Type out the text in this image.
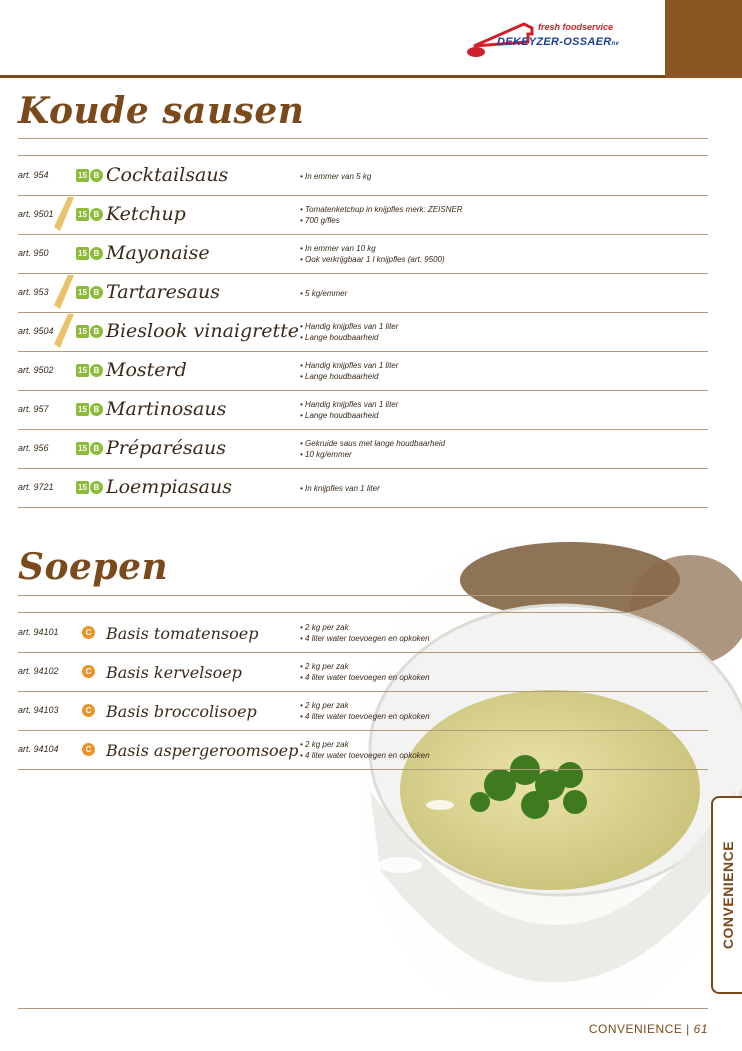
fresh foodservice
DEKEYZER-OSSAERnv
Koude sausen
art. 954	15 B Cocktailsaus	• In emmer van 5 kg
art. 9501	15 B Ketchup	• Tomatenketchup in knijpfles merk: ZEISNER
• 700 g/fles
art. 950	15 B Mayonaise	• In emmer van 10 kg
• Ook verkrijgbaar 1 l knijpfles (art. 9500)
art. 953	15 B Tartaresaus	• 5 kg/emmer
art. 9504	15 B Bieslook vinaigrette • Handig knijpfles van 1 liter
• Lange houdbaarheid
art. 9502	15 B Mosterd	• Handig knijpfles van 1 liter
• Lange houdbaarheid
art. 957	15 B Martinosaus	• Handig knijpfles van 1 liter
• Lange houdbaarheid
art. 956	15 B Préparésaus	• Gekruide saus met lange houdbaarheid
• 10 kg/emmer
art. 9721	15 B Loempiasaus	• In knijpfles van 1 liter
Soepen
art. 94101	C Basis tomatensoep	• 2 kg per zak
• 4 liter water toevoegen en opkoken
art. 94102	C Basis kervelsoep	• 2 kg per zak
• 4 liter water toevoegen en opkoken
art. 94103	C Basis broccolisoep	• 2 kg per zak
• 4 liter water toevoegen en opkoken
art. 94104	C Basis aspergeroomsoep • 2 kg per zak
• 4 liter water toevoegen en opkoken
CONVENIENCE
CONVENIENCE | 61
